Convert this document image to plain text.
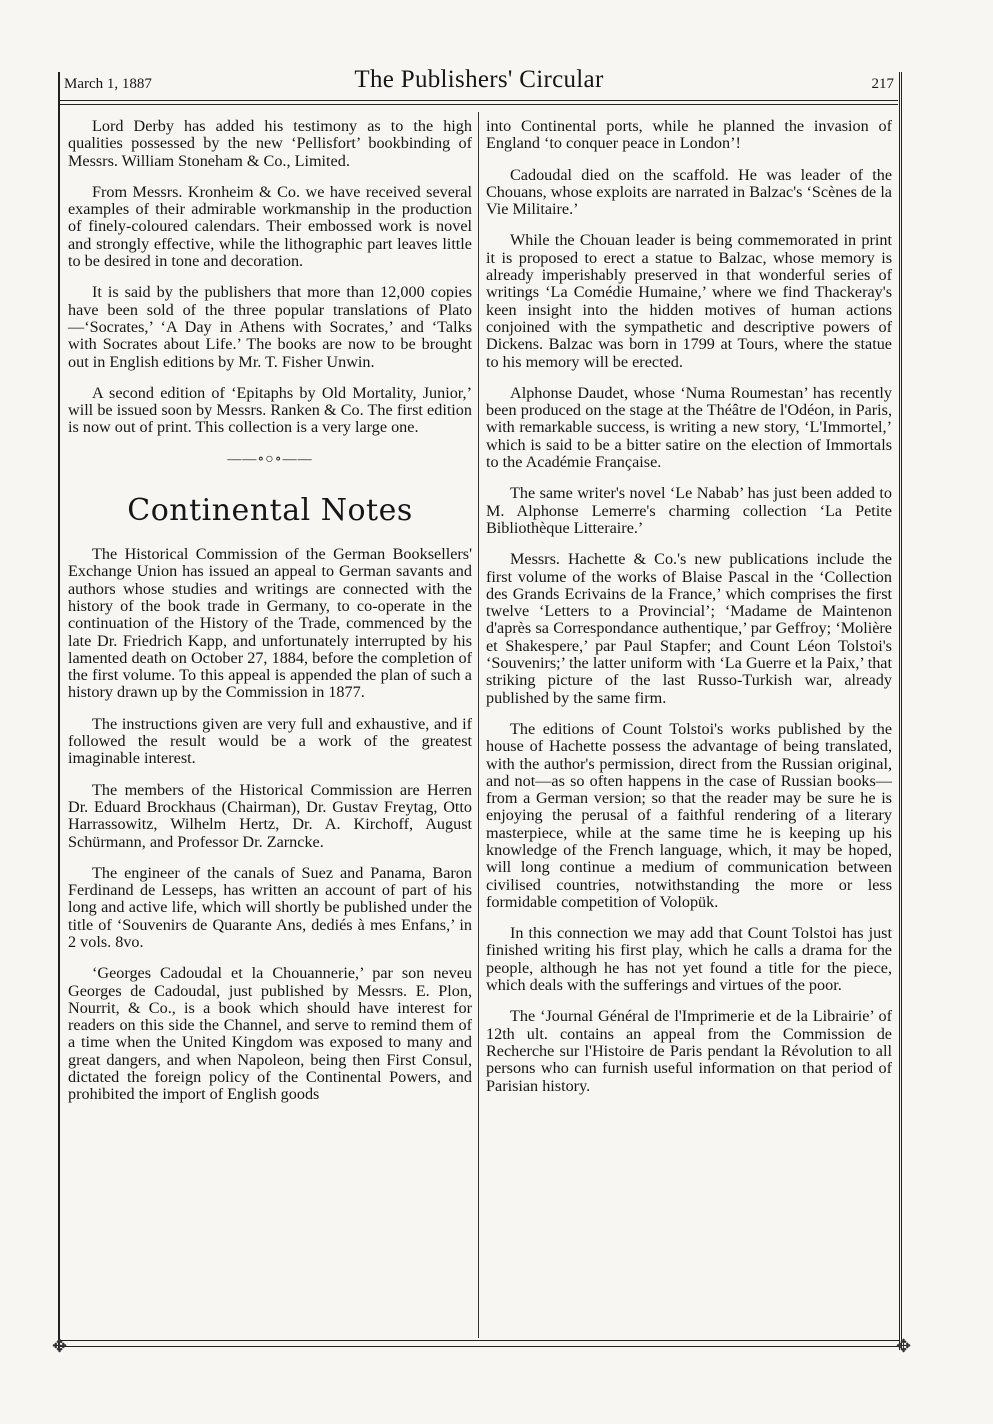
March 1, 1887	The Publishers' Circular	217

Lord Derby has added his testimony as to the high qualities possessed by the new ‘Pellisfort’ bookbinding of Messrs. William Stoneham & Co., Limited.

From Messrs. Kronheim & Co. we have received several examples of their admirable workmanship in the production of finely-coloured calendars. Their embossed work is novel and strongly effective, while the lithographic part leaves little to be desired in tone and decoration.

It is said by the publishers that more than 12,000 copies have been sold of the three popular translations of Plato—‘Socrates,’ ‘A Day in Athens with Socrates,’ and ‘Talks with Socrates about Life.’ The books are now to be brought out in English editions by Mr. T. Fisher Unwin.

A second edition of ‘Epitaphs by Old Mortality, Junior,’ will be issued soon by Messrs. Ranken & Co. The first edition is now out of print. This collection is a very large one.

——∘○∘——
Continental Notes

The Historical Commission of the German Booksellers' Exchange Union has issued an appeal to German savants and authors whose studies and writings are connected with the history of the book trade in Germany, to co-operate in the continuation of the History of the Trade, commenced by the late Dr. Friedrich Kapp, and unfortunately interrupted by his lamented death on October 27, 1884, before the completion of the first volume. To this appeal is appended the plan of such a history drawn up by the Commission in 1877.

The instructions given are very full and exhaustive, and if followed the result would be a work of the greatest imaginable interest.

The members of the Historical Commission are Herren Dr. Eduard Brockhaus (Chairman), Dr. Gustav Freytag, Otto Harrassowitz, Wilhelm Hertz, Dr. A. Kirchoff, August Schürmann, and Professor Dr. Zarncke.

The engineer of the canals of Suez and Panama, Baron Ferdinand de Lesseps, has written an account of part of his long and active life, which will shortly be published under the title of ‘Souvenirs de Quarante Ans, dediés à mes Enfans,’ in 2 vols. 8vo.

‘Georges Cadoudal et la Chouannerie,’ par son neveu Georges de Cadoudal, just published by Messrs. E. Plon, Nourrit, & Co., is a book which should have interest for readers on this side the Channel, and serve to remind them of a time when the United Kingdom was exposed to many and great dangers, and when Napoleon, being then First Consul, dictated the foreign policy of the Continental Powers, and prohibited the import of English goods

into Continental ports, while he planned the invasion of England ‘to conquer peace in London’!

Cadoudal died on the scaffold. He was leader of the Chouans, whose exploits are narrated in Balzac's ‘Scènes de la Vie Militaire.’

While the Chouan leader is being commemorated in print it is proposed to erect a statue to Balzac, whose memory is already imperishably preserved in that wonderful series of writings ‘La Comédie Humaine,’ where we find Thackeray's keen insight into the hidden motives of human actions conjoined with the sympathetic and descriptive powers of Dickens. Balzac was born in 1799 at Tours, where the statue to his memory will be erected.

Alphonse Daudet, whose ‘Numa Roumestan’ has recently been produced on the stage at the Théâtre de l'Odéon, in Paris, with remarkable success, is writing a new story, ‘L'Immortel,’ which is said to be a bitter satire on the election of Immortals to the Académie Française.

The same writer's novel ‘Le Nabab’ has just been added to M. Alphonse Lemerre's charming collection ‘La Petite Bibliothèque Litteraire.’

Messrs. Hachette & Co.'s new publications include the first volume of the works of Blaise Pascal in the ‘Collection des Grands Ecrivains de la France,’ which comprises the first twelve ‘Letters to a Provincial’; ‘Madame de Maintenon d'après sa Correspondance authentique,’ par Geffroy; ‘Molière et Shakespere,’ par Paul Stapfer; and Count Léon Tolstoi's ‘Souvenirs;’ the latter uniform with ‘La Guerre et la Paix,’ that striking picture of the last Russo-Turkish war, already published by the same firm.

The editions of Count Tolstoi's works published by the house of Hachette possess the advantage of being translated, with the author's permission, direct from the Russian original, and not—as so often happens in the case of Russian books—from a German version; so that the reader may be sure he is enjoying the perusal of a faithful rendering of a literary masterpiece, while at the same time he is keeping up his knowledge of the French language, which, it may be hoped, will long continue a medium of communication between civilised countries, notwithstanding the more or less formidable competition of Volopük.

In this connection we may add that Count Tolstoi has just finished writing his first play, which he calls a drama for the people, although he has not yet found a title for the piece, which deals with the sufferings and virtues of the poor.

The ‘Journal Général de l'Imprimerie et de la Librairie’ of 12th ult. contains an appeal from the Commission de Recherche sur l'Histoire de Paris pendant la Révolution to all persons who can furnish useful information on that period of Parisian history.

✥	✥
